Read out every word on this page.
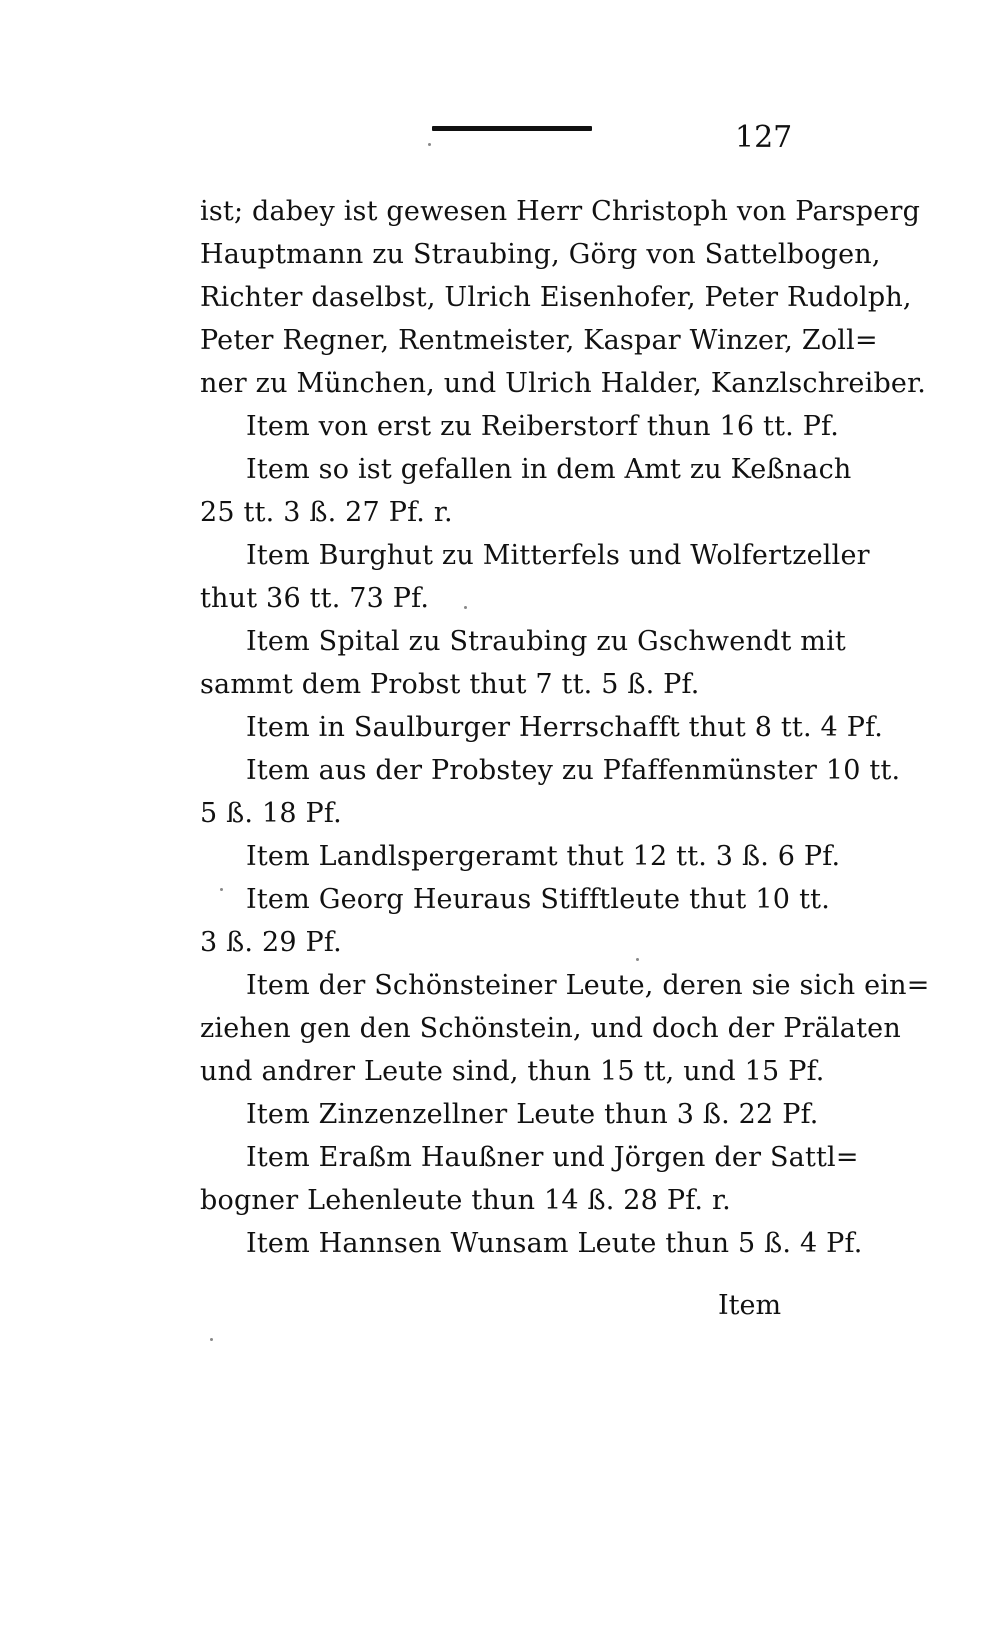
127
ist; dabey ist gewesen Herr Christoph von Parsperg
Hauptmann zu Straubing, Görg von Sattelbogen,
Richter daselbst, Ulrich Eisenhofer, Peter Rudolph,
Peter Regner, Rentmeister, Kaspar Winzer, Zoll=
ner zu München, und Ulrich Halder, Kanzlschreiber.
Item von erst zu Reiberstorf thun 16 tt. Pf.
Item so ist gefallen in dem Amt zu Keßnach
25 tt. 3 ß. 27 Pf. r.
Item Burghut zu Mitterfels und Wolfertzeller
thut 36 tt. 73 Pf.
Item Spital zu Straubing zu Gschwendt mit
sammt dem Probst thut 7 tt. 5 ß. Pf.
Item in Saulburger Herrschafft thut 8 tt. 4 Pf.
Item aus der Probstey zu Pfaffenmünster 10 tt.
5 ß. 18 Pf.
Item Landlspergeramt thut 12 tt. 3 ß. 6 Pf.
Item Georg Heuraus Stifftleute thut 10 tt.
3 ß. 29 Pf.
Item der Schönsteiner Leute, deren sie sich ein=
ziehen gen den Schönstein, und doch der Prälaten
und andrer Leute sind, thun 15 tt, und 15 Pf.
Item Zinzenzellner Leute thun 3 ß. 22 Pf.
Item Eraßm Haußner und Jörgen der Sattl=
bogner Lehenleute thun 14 ß. 28 Pf. r.
Item Hannsen Wunsam Leute thun 5 ß. 4 Pf.
Item
